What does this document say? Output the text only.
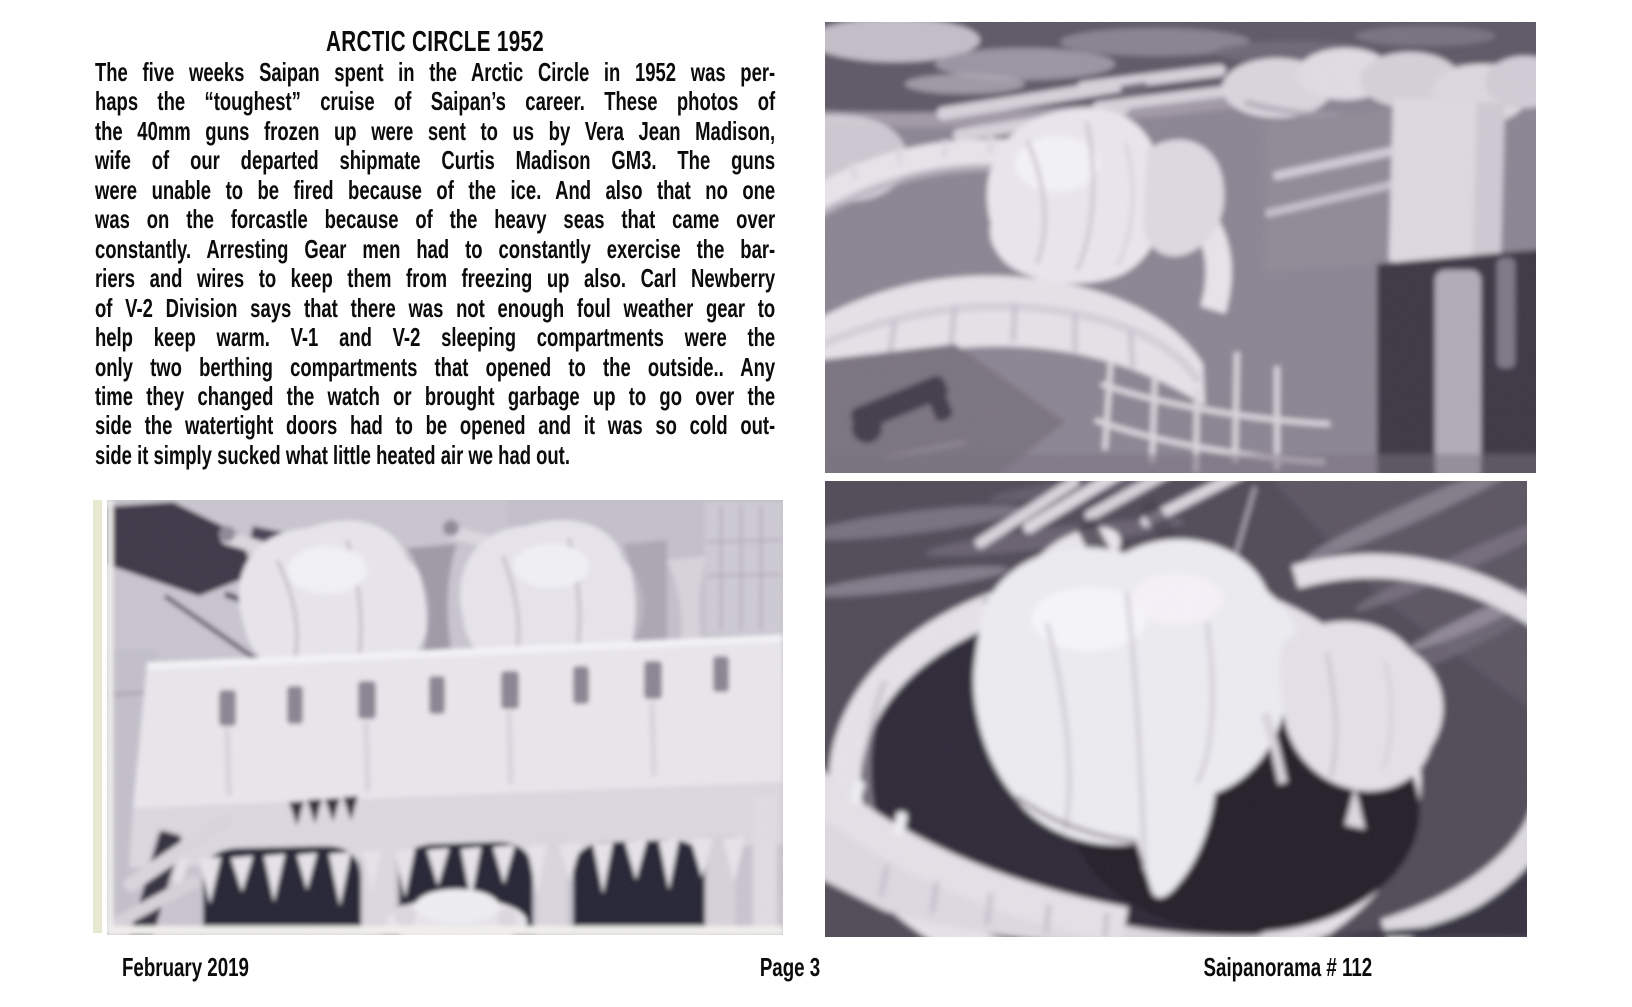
ARCTIC CIRCLE 1952
The five weeks Saipan spent in the Arctic Circle in 1952 was per-
haps the “toughest” cruise of Saipan’s career. These photos of
the 40mm guns frozen up were sent to us by Vera Jean Madison,
wife of our departed shipmate Curtis Madison GM3. The guns
were unable to be fired because of the ice. And also that no one
was on the forcastle because of the heavy seas that came over
constantly. Arresting Gear men had to constantly exercise the bar-
riers and wires to keep them from freezing up also. Carl Newberry
of V-2 Division says that there was not enough foul weather gear to
help keep warm. V-1 and V-2 sleeping compartments were the
only two berthing compartments that opened to the outside.. Any
time they changed the watch or brought garbage up to go over the
side the watertight doors had to be opened and it was so cold out-
side it simply sucked what little heated air we had out.
February 2019	Page 3	Saipanorama # 112
